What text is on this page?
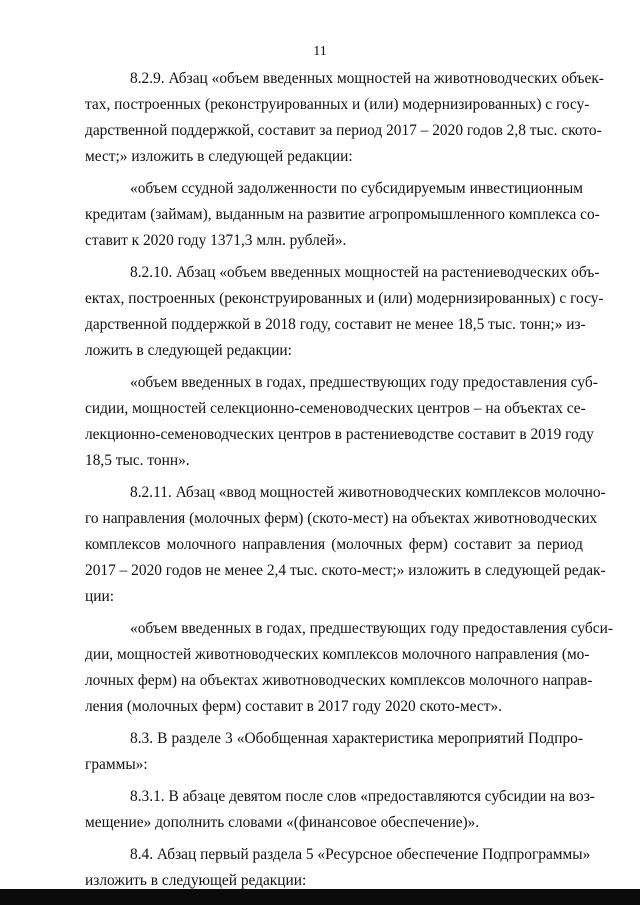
11
8.2.9. Абзац «объем введенных мощностей на животноводческих объек-
тах, построенных (реконструированных и (или) модернизированных) с госу-
дарственной поддержкой, составит за период 2017 – 2020 годов 2,8 тыс. ското-
мест;» изложить в следующей редакции:
«объем ссудной задолженности по субсидируемым инвестиционным
кредитам (займам), выданным на развитие агропромышленного комплекса со-
ставит к 2020 году 1371,3 млн. рублей».
8.2.10. Абзац «объем введенных мощностей на растениеводческих объ-
ектах, построенных (реконструированных и (или) модернизированных) с госу-
дарственной поддержкой в 2018 году, составит не менее 18,5 тыс. тонн;» из-
ложить в следующей редакции:
«объем введенных в годах, предшествующих году предоставления суб-
сидии, мощностей селекционно-семеноводческих центров – на объектах се-
лекционно-семеноводческих центров в растениеводстве составит в 2019 году
18,5 тыс. тонн».
8.2.11. Абзац «ввод мощностей животноводческих комплексов молочно-
го направления (молочных ферм) (ското-мест) на объектах животноводческих
комплексов молочного направления (молочных ферм) составит за период
2017 – 2020 годов не менее 2,4 тыс. ското-мест;» изложить в следующей редак-
ции:
«объем введенных в годах, предшествующих году предоставления субси-
дии, мощностей животноводческих комплексов молочного направления (мо-
лочных ферм) на объектах животноводческих комплексов молочного направ-
ления (молочных ферм) составит в 2017 году 2020 ското-мест».
8.3. В разделе 3 «Обобщенная характеристика мероприятий Подпро-
граммы»:
8.3.1. В абзаце девятом после слов «предоставляются субсидии на воз-
мещение» дополнить словами «(финансовое обеспечение)».
8.4. Абзац первый раздела 5 «Ресурсное обеспечение Подпрограммы»
изложить в следующей редакции:
